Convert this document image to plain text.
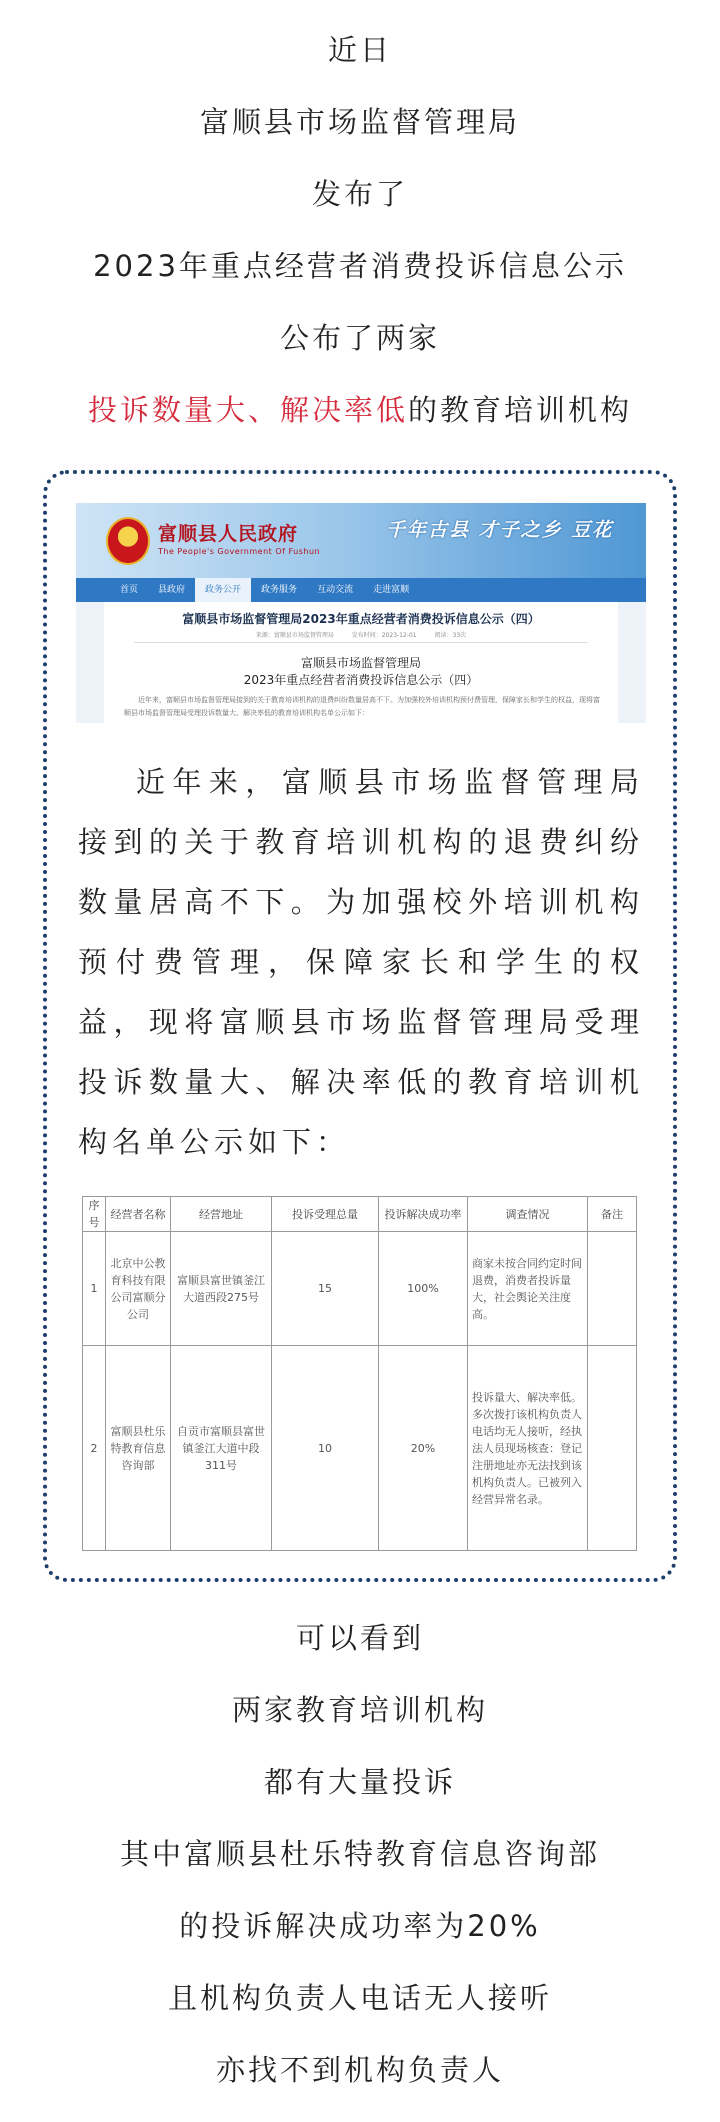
近日
富顺县市场监督管理局
发布了
2023年重点经营者消费投诉信息公示
公布了两家
投诉数量大、解决率低的教育培训机构
富顺县人民政府
The People's Government Of Fushun
千年古县 才子之乡 豆花
首页	县政府	政务公开	政务服务	互动交流	走进富顺
富顺县市场监督管理局2023年重点经营者消费投诉信息公示（四）
来源：富顺县市场监督管理局	发布时间：2023-12-01	阅读：33次
富顺县市场监督管理局
2023年重点经营者消费投诉信息公示（四）
近年来，富顺县市场监督管理局接到的关于教育培训机构的退费纠纷数量居高不下。为加强校外培训机构预付费管理，保障家长和学生的权益，现将富顺县市场监督管理局受理投诉数量大、解决率低的教育培训机构名单公示如下：
近年来，富顺县市场监督管理局接到的关于教育培训机构的退费纠纷数量居高不下。为加强校外培训机构预付费管理，保障家长和学生的权益，现将富顺县市场监督管理局受理投诉数量大、解决率低的教育培训机构名单公示如下：
序号	经营者名称	经营地址	投诉受理总量	投诉解决成功率	调查情况	备注
1	北京中公教育科技有限公司富顺分公司	富顺县富世镇釜江大道西段275号	15	100%	商家未按合同约定时间退费，消费者投诉量大，社会舆论关注度高。	
2	富顺县杜乐特教育信息咨询部	自贡市富顺县富世镇釜江大道中段311号	10	20%	投诉量大、解决率低。多次拨打该机构负责人电话均无人接听，经执法人员现场核查：登记注册地址亦无法找到该机构负责人。已被列入经营异常名录。	
可以看到
两家教育培训机构
都有大量投诉
其中富顺县杜乐特教育信息咨询部
的投诉解决成功率为20%
且机构负责人电话无人接听
亦找不到机构负责人
